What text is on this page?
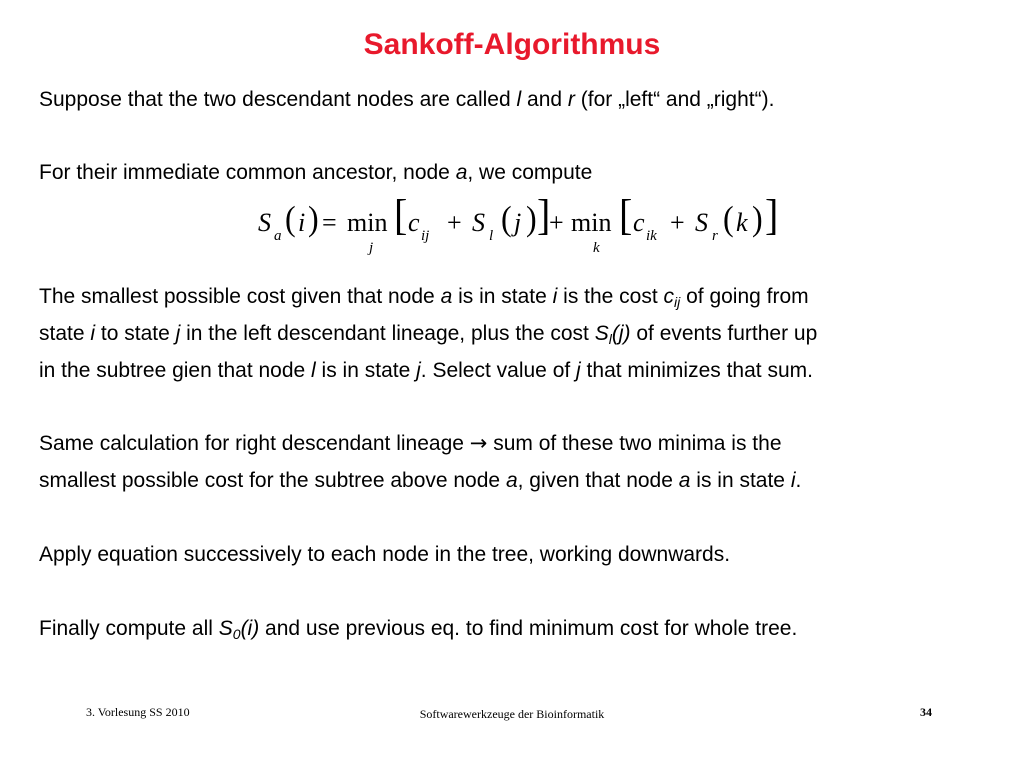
Sankoff-Algorithmus
Suppose that the two descendant nodes are called l and r (for „left“ and „right“).
For their immediate common ancestor, node a, we compute
S a ( i ) = min
j
[ c ij + S l ( j ) ]
+ min
k
[ c ik + S r ( k ) ]
The smallest possible cost given that node a is in state i is the cost $c_{ij}$ of going from
state i to state j in the left descendant lineage, plus the cost $S_l(j)$ of events further up
in the subtree gien that node l is in state j. Select value of j that minimizes that sum.
Same calculation for right descendant lineage → sum of these two minima is the
smallest possible cost for the subtree above node a, given that node a is in state i.
Apply equation successively to each node in the tree, working downwards.
Finally compute all $S_0(i)$ and use previous eq. to find minimum cost for whole tree.
3. Vorlesung SS 2010	Softwarewerkzeuge der Bioinformatik	34
